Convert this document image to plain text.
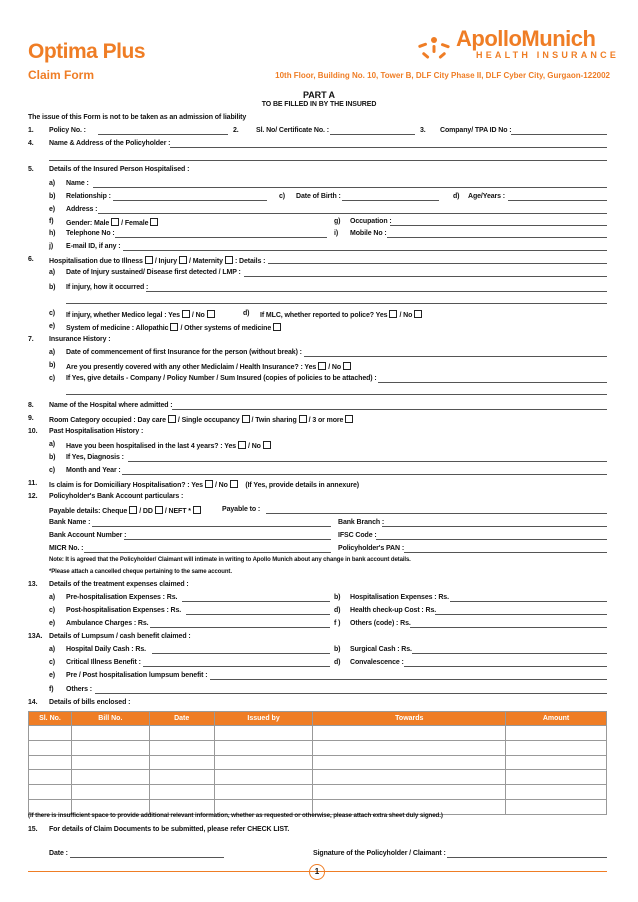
Optima Plus
Claim Form	10th Floor, Building No. 10, Tower B, DLF City Phase II, DLF Cyber City, Gurgaon-122002
ApolloMunich
HEALTH INSURANCE
PART A
TO BE FILLED IN BY THE INSURED
The issue of this Form is not to be taken as an admission of liability
1. Policy No. :	2. Sl. No/ Certificate No. :	3. Company/ TPA ID No :
4. Name & Address of the Policyholder :
5. Details of the Insured Person Hospitalised :
a) Name :
b) Relationship :	c) Date of Birth :	d) Age/Years :
e) Address :
f) Gender: Male / Female	g) Occupation :
h) Telephone No :	i) Mobile No :
j) E-mail ID, if any :
6. Hospitalisation due to Illness / Injury / Maternity : Details :
a) Date of Injury sustained/ Disease first detected / LMP :
b) If injury, how it occurred :
c) If injury, whether Medico legal : Yes / No	d) If MLC, whether reported to police? Yes / No
e) System of medicine : Allopathic / Other systems of medicine
7. Insurance History :
a) Date of commencement of first Insurance for the person (without break) :
b) Are you presently covered with any other Mediclaim / Health Insurance? : Yes / No
c) If Yes, give details - Company / Policy Number / Sum Insured (copies of policies to be attached) :
8. Name of the Hospital where admitted :
9. Room Category occupied : Day care / Single occupancy / Twin sharing / 3 or more
10. Past Hospitalisation History :
a) Have you been hospitalised in the last 4 years? : Yes / No
b) If Yes, Diagnosis :
c) Month and Year :
11. Is claim is for Domiciliary Hospitalisation? : Yes / No	(If Yes, provide details in annexure)
12. Policyholder's Bank Account particulars :
Payable details: Cheque / DD / NEFT *	Payable to :
Bank Name :	Bank Branch :
Bank Account Number :	IFSC Code :
MICR No. :	Policyholder's PAN :
Note: It is agreed that the Policyholder/ Claimant will intimate in writing to Apollo Munich about any change in bank account details.
*Please attach a cancelled cheque pertaining to the same account.
13. Details of the treatment expenses claimed :
a) Pre-hospitalisation Expenses : Rs.	b) Hospitalisation Expenses : Rs.
c) Post-hospitalisation Expenses : Rs.	d) Health check-up Cost : Rs.
e) Ambulance Charges : Rs.	f ) Others (code) : Rs.
13A. Details of Lumpsum / cash benefit claimed :
a) Hospital Daily Cash : Rs.	b) Surgical Cash : Rs.
c) Critical Illness Benefit :	d) Convalescence :
e) Pre / Post hospitalisation lumpsum benefit :
f) Others :
14. Details of bills enclosed :
Sl. No.	Bill No.	Date	Issued by	Towards	Amount

(If there is insufficient space to provide additional relevant information, whether as requested or otherwise, please attach extra sheet duly signed.)
15. For details of Claim Documents to be submitted, please refer CHECK LIST.
Date :	Signature of the Policyholder / Claimant :
1
